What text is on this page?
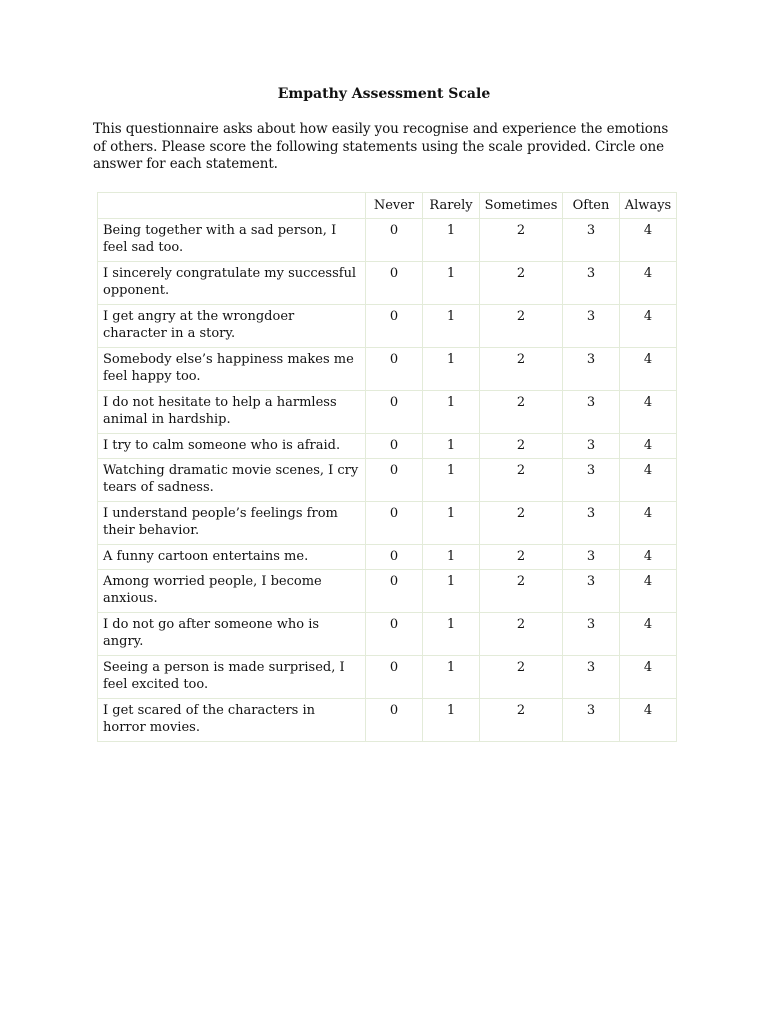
Empathy Assessment Scale
This questionnaire asks about how easily you recognise and experience the emotions of others. Please score the following statements using the scale provided. Circle one answer for each statement.
	Never	Rarely	Sometimes	Often	Always
Being together with a sad person, I feel sad too.	0	1	2	3	4
I sincerely congratulate my successful opponent.	0	1	2	3	4
I get angry at the wrongdoer character in a story.	0	1	2	3	4
Somebody else’s happiness makes me feel happy too.	0	1	2	3	4
I do not hesitate to help a harmless animal in hardship.	0	1	2	3	4
I try to calm someone who is afraid.	0	1	2	3	4
Watching dramatic movie scenes, I cry tears of sadness.	0	1	2	3	4
I understand people’s feelings from their behavior.	0	1	2	3	4
A funny cartoon entertains me.	0	1	2	3	4
Among worried people, I become anxious.	0	1	2	3	4
I do not go after someone who is angry.	0	1	2	3	4
Seeing a person is made surprised, I feel excited too.	0	1	2	3	4
I get scared of the characters in horror movies.	0	1	2	3	4
